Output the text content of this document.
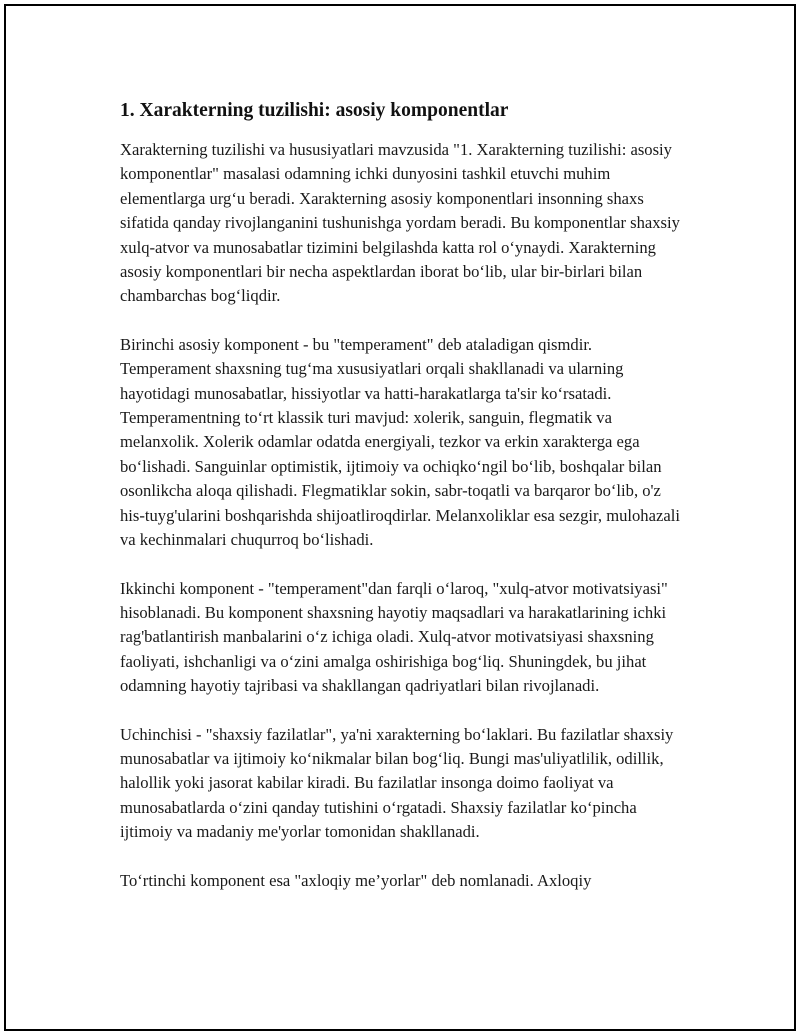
1. Xarakterning tuzilishi: asosiy komponentlar

Xarakterning tuzilishi va hususiyatlari mavzusida "1. Xarakterning tuzilishi: asosiy komponentlar" masalasi odamning ichki dunyosini tashkil etuvchi muhim elementlarga urg‘u beradi. Xarakterning asosiy komponentlari insonning shaxs sifatida qanday rivojlanganini tushunishga yordam beradi. Bu komponentlar shaxsiy xulq-atvor va munosabatlar tizimini belgilashda katta rol o‘ynaydi. Xarakterning asosiy komponentlari bir necha aspektlardan iborat bo‘lib, ular bir-birlari bilan chambarchas bog‘liqdir.

Birinchi asosiy komponent - bu "temperament" deb ataladigan qismdir. Temperament shaxsning tug‘ma xususiyatlari orqali shakllanadi va ularning hayotidagi munosabatlar, hissiyotlar va hatti-harakatlarga ta'sir ko‘rsatadi. Temperamentning to‘rt klassik turi mavjud: xolerik, sanguin, flegmatik va melanxolik. Xolerik odamlar odatda energiyali, tezkor va erkin xarakterga ega bo‘lishadi. Sanguinlar optimistik, ijtimoiy va ochiqko‘ngil bo‘lib, boshqalar bilan osonlikcha aloqa qilishadi. Flegmatiklar sokin, sabr-toqatli va barqaror bo‘lib, o'z his-tuyg'ularini boshqarishda shijoatliroqdirlar. Melanxoliklar esa sezgir, mulohazali va kechinmalari chuqurroq bo‘lishadi.

Ikkinchi komponent - "temperament"dan farqli o‘laroq, "xulq-atvor motivatsiyasi" hisoblanadi. Bu komponent shaxsning hayotiy maqsadlari va harakatlarining ichki rag'batlantirish manbalarini o‘z ichiga oladi. Xulq-atvor motivatsiyasi shaxsning faoliyati, ishchanligi va o‘zini amalga oshirishiga bog‘liq. Shuningdek, bu jihat odamning hayotiy tajribasi va shakllangan qadriyatlari bilan rivojlanadi.

Uchinchisi - "shaxsiy fazilatlar", ya'ni xarakterning bo‘laklari. Bu fazilatlar shaxsiy munosabatlar va ijtimoiy ko‘nikmalar bilan bog‘liq. Bungi mas'uliyatlilik, odillik, halollik yoki jasorat kabilar kiradi. Bu fazilatlar insonga doimo faoliyat va munosabatlarda o‘zini qanday tutishini o‘rgatadi. Shaxsiy fazilatlar ko‘pincha ijtimoiy va madaniy me'yorlar tomonidan shakllanadi.

To‘rtinchi komponent esa "axloqiy me’yorlar" deb nomlanadi. Axloqiy
